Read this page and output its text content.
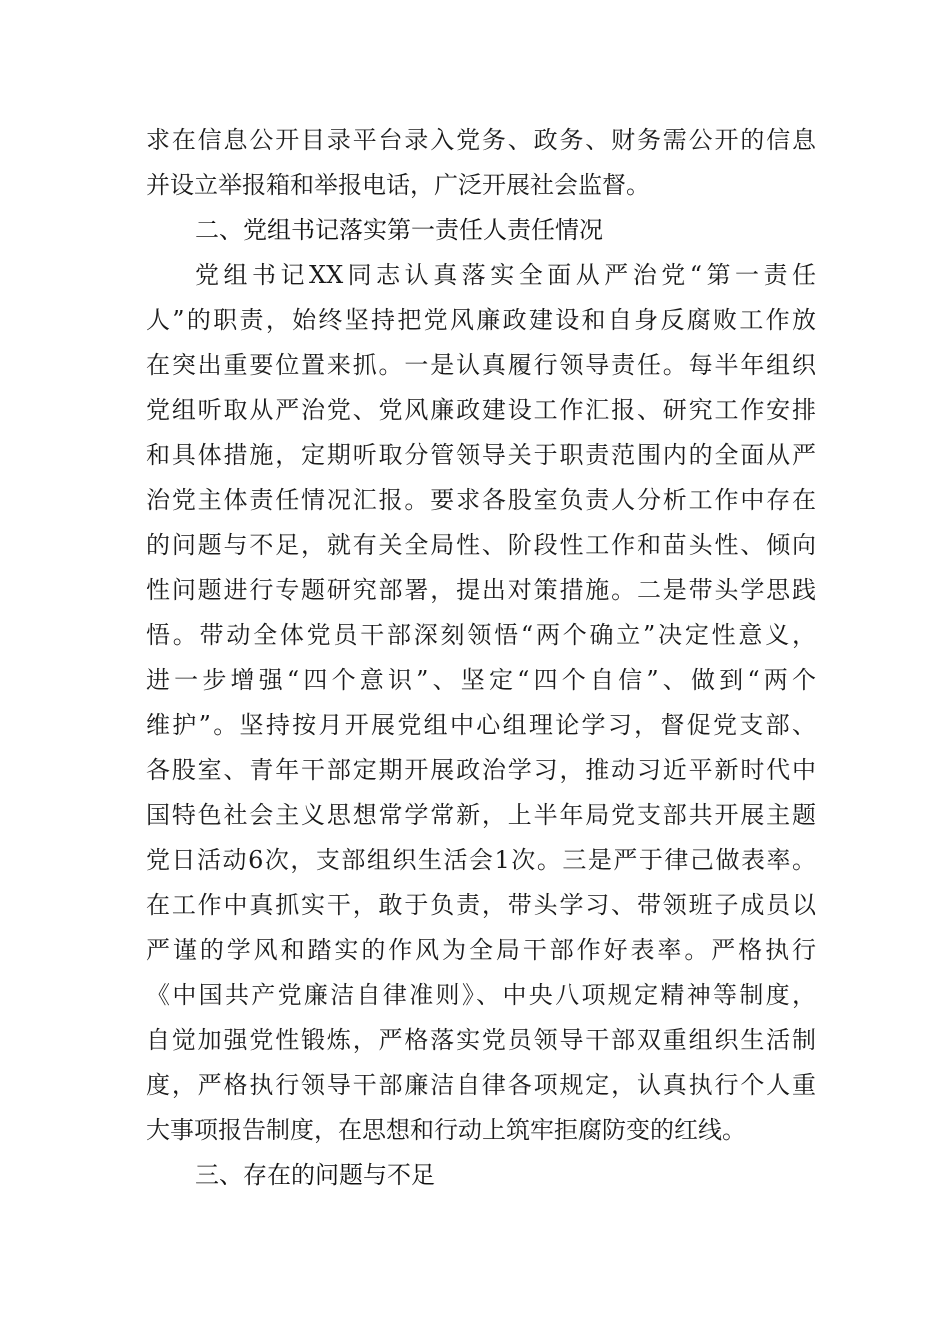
求在信息公开目录平台录入党务、政务、财务需公开的信息
并设立举报箱和举报电话，广泛开展社会监督。
二、党组书记落实第一责任人责任情况
党组书记XX同志认真落实全面从严治党“第一责任
人”的职责，始终坚持把党风廉政建设和自身反腐败工作放
在突出重要位置来抓。一是认真履行领导责任。每半年组织
党组听取从严治党、党风廉政建设工作汇报、研究工作安排
和具体措施，定期听取分管领导关于职责范围内的全面从严
治党主体责任情况汇报。要求各股室负责人分析工作中存在
的问题与不足，就有关全局性、阶段性工作和苗头性、倾向
性问题进行专题研究部署，提出对策措施。二是带头学思践
悟。带动全体党员干部深刻领悟“两个确立”决定性意义，
进一步增强“四个意识”、坚定“四个自信”、做到“两个
维护”。坚持按月开展党组中心组理论学习，督促党支部、
各股室、青年干部定期开展政治学习，推动习近平新时代中
国特色社会主义思想常学常新，上半年局党支部共开展主题
党日活动6次，支部组织生活会1次。三是严于律己做表率。
在工作中真抓实干，敢于负责，带头学习、带领班子成员以
严谨的学风和踏实的作风为全局干部作好表率。严格执行
《中国共产党廉洁自律准则》、中央八项规定精神等制度，
自觉加强党性锻炼，严格落实党员领导干部双重组织生活制
度，严格执行领导干部廉洁自律各项规定，认真执行个人重
大事项报告制度，在思想和行动上筑牢拒腐防变的红线。
三、存在的问题与不足
